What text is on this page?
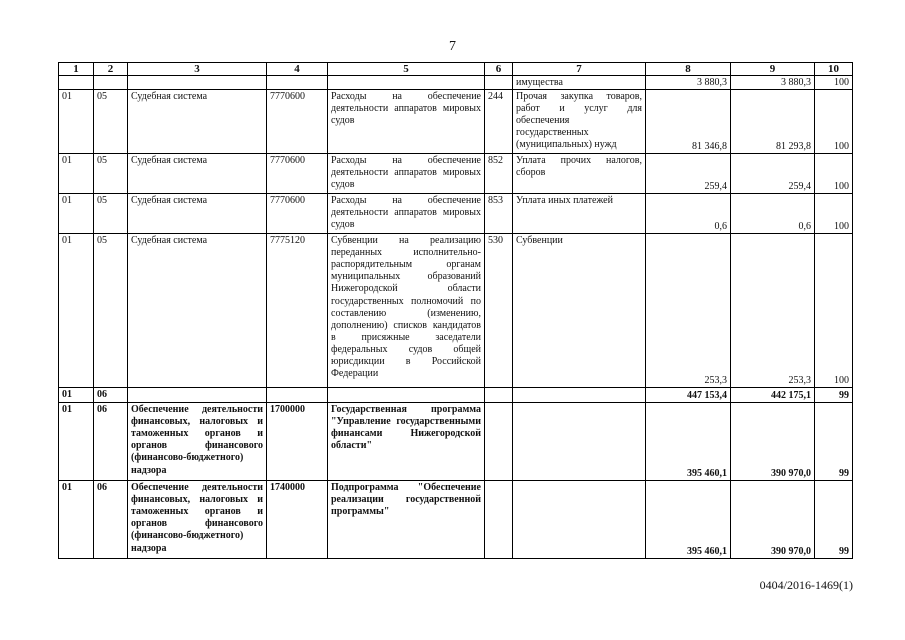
7
1	2	3	4	5	6	7	8	9	10
						имущества	3 880,3	3 880,3	100
01	05	Судебная система	7770600	Расходы на обеспечение деятельности аппаратов мировых судов	244	Прочая закупка товаров, работ и услуг для обеспечения государственных (муниципальных) нужд	81 346,8	81 293,8	100
01	05	Судебная система	7770600	Расходы на обеспечение деятельности аппаратов мировых судов	852	Уплата прочих налогов, сборов	259,4	259,4	100
01	05	Судебная система	7770600	Расходы на обеспечение деятельности аппаратов мировых судов	853	Уплата иных платежей	0,6	0,6	100
01	05	Судебная система	7775120	Субвенции на реализацию переданных исполнительно-распорядительным органам муниципальных образований Нижегородской области государственных полномочий по составлению (изменению, дополнению) списков кандидатов в присяжные заседатели федеральных судов общей юрисдикции в Российской Федерации	530	Субвенции	253,3	253,3	100
01	06						447 153,4	442 175,1	99
01	06	Обеспечение деятельности финансовых, налоговых и таможенных органов и органов финансового (финансово-бюджетного) надзора	1700000	Государственная программа "Управление государственными финансами Нижегородской области"			395 460,1	390 970,0	99
01	06	Обеспечение деятельности финансовых, налоговых и таможенных органов и органов финансового (финансово-бюджетного) надзора	1740000	Подпрограмма "Обеспечение реализации государственной программы"			395 460,1	390 970,0	99
0404/2016-1469(1)
